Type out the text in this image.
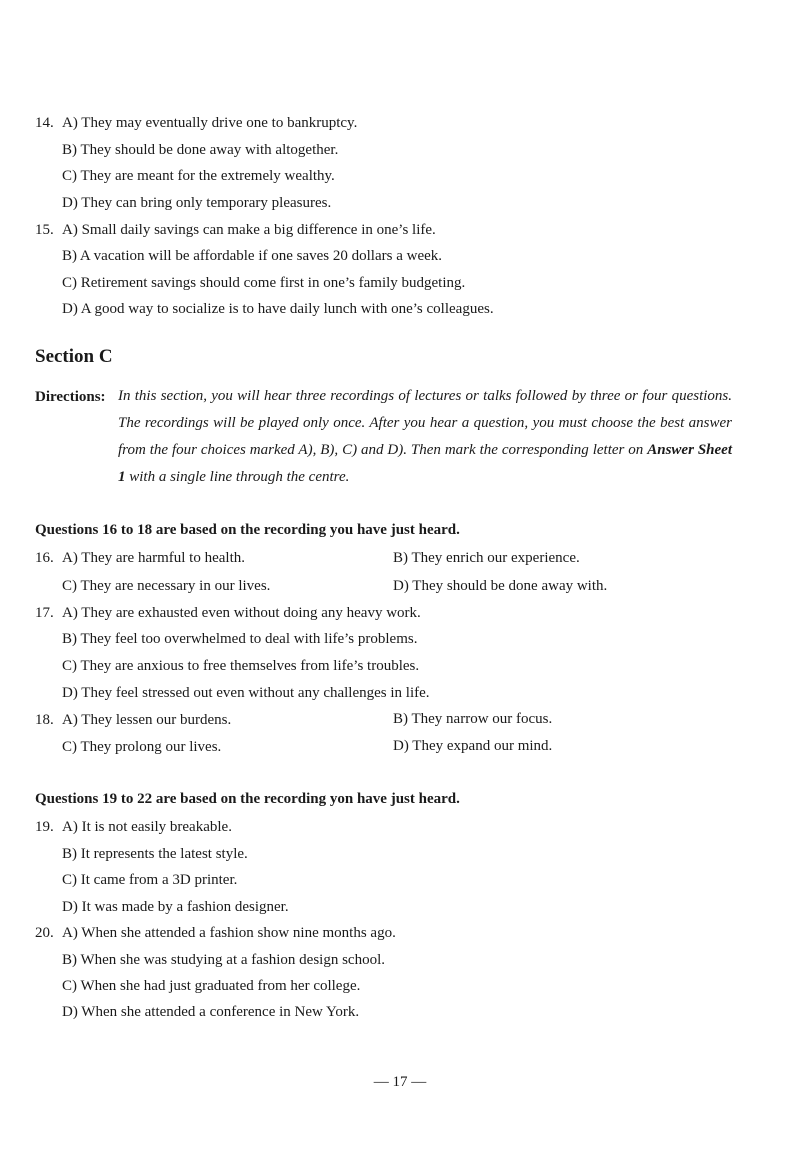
14. A) They may eventually drive one to bankruptcy.
B) They should be done away with altogether.
C) They are meant for the extremely wealthy.
D) They can bring only temporary pleasures.
15. A) Small daily savings can make a big difference in one’s life.
B) A vacation will be affordable if one saves 20 dollars a week.
C) Retirement savings should come first in one’s family budgeting.
D) A good way to socialize is to have daily lunch with one’s colleagues.
Section C
Directions: In this section, you will hear three recordings of lectures or talks followed by three or four questions. The recordings will be played only once. After you hear a question, you must choose the best answer from the four choices marked A), B), C) and D). Then mark the corresponding letter on Answer Sheet 1 with a single line through the centre.
Questions 16 to 18 are based on the recording you have just heard.
16. A) They are harmful to health.	B) They enrich our experience.
C) They are necessary in our lives.	D) They should be done away with.
17. A) They are exhausted even without doing any heavy work.
B) They feel too overwhelmed to deal with life’s problems.
C) They are anxious to free themselves from life’s troubles.
D) They feel stressed out even without any challenges in life.
18. A) They lessen our burdens.	B) They narrow our focus.
C) They prolong our lives.	D) They expand our mind.
Questions 19 to 22 are based on the recording yon have just heard.
19. A) It is not easily breakable.
B) It represents the latest style.
C) It came from a 3D printer.
D) It was made by a fashion designer.
20. A) When she attended a fashion show nine months ago.
B) When she was studying at a fashion design school.
C) When she had just graduated from her college.
D) When she attended a conference in New York.
— 17 —
